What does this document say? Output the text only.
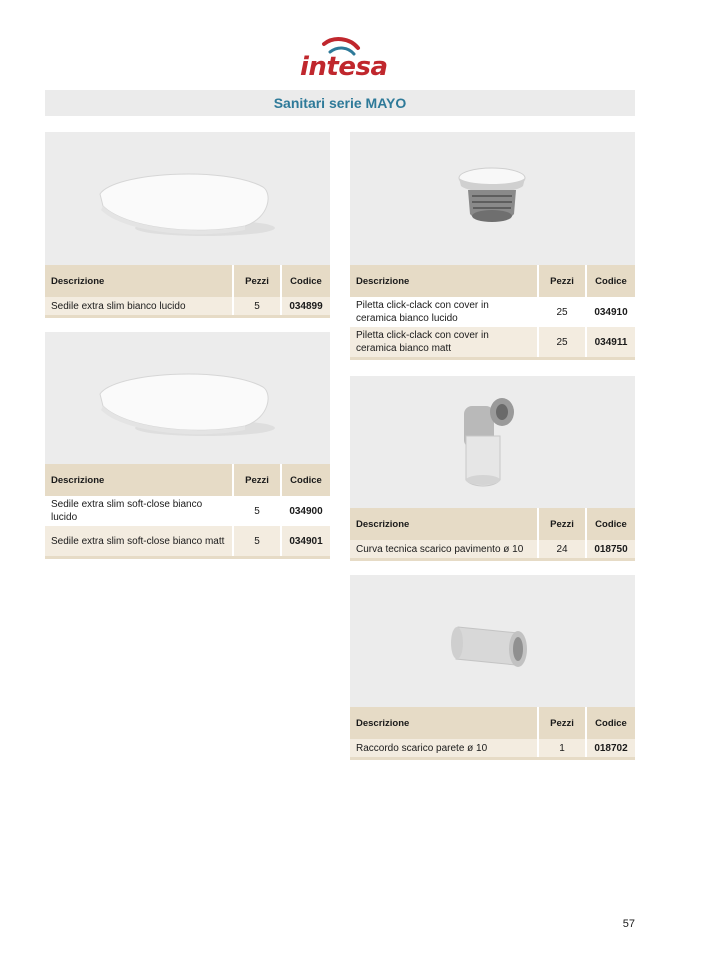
intesa
Sanitari serie MAYO
Descrizione	Pezzi	Codice
Sedile extra slim bianco lucido	5	034899
Descrizione	Pezzi	Codice
Sedile extra slim soft-close bianco lucido	5	034900
Sedile extra slim soft-close bianco matt	5	034901
Descrizione	Pezzi	Codice
Piletta click-clack con cover in ceramica bianco lucido	25	034910
Piletta click-clack con cover in ceramica bianco matt	25	034911
Descrizione	Pezzi	Codice
Curva tecnica scarico pavimento ø 10	24	018750
Descrizione	Pezzi	Codice
Raccordo scarico parete ø 10	1	018702
57
